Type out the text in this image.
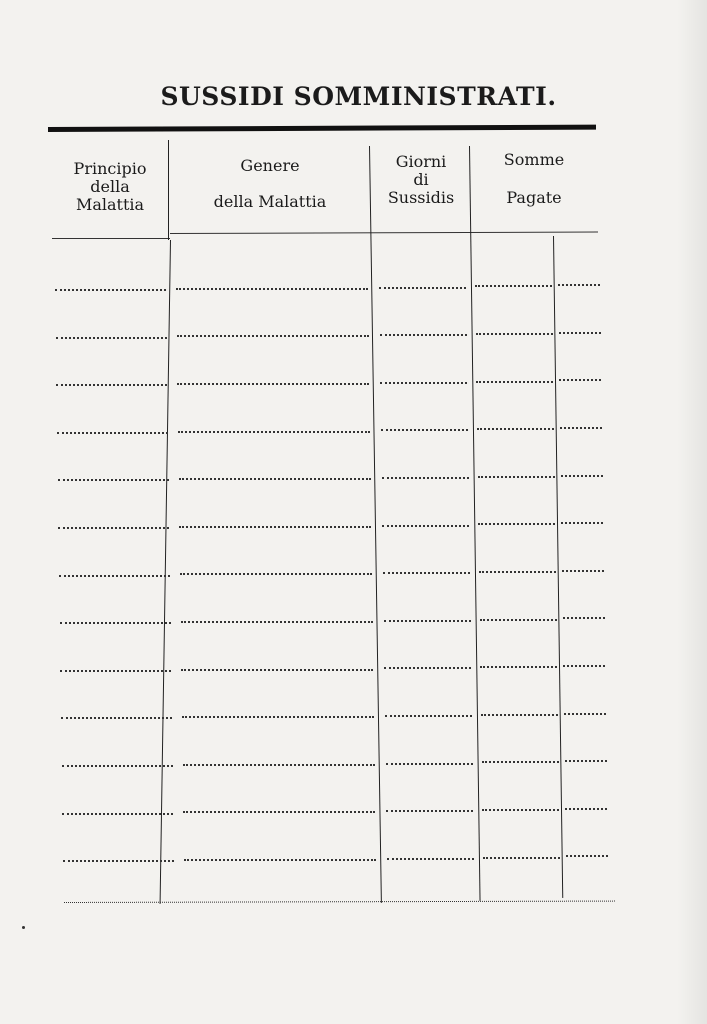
SUSSIDI SOMMINISTRATI.
Principio
della
Malattia
Genere
della Malattia
Giorni
di
Sussidis
Somme
Pagate
